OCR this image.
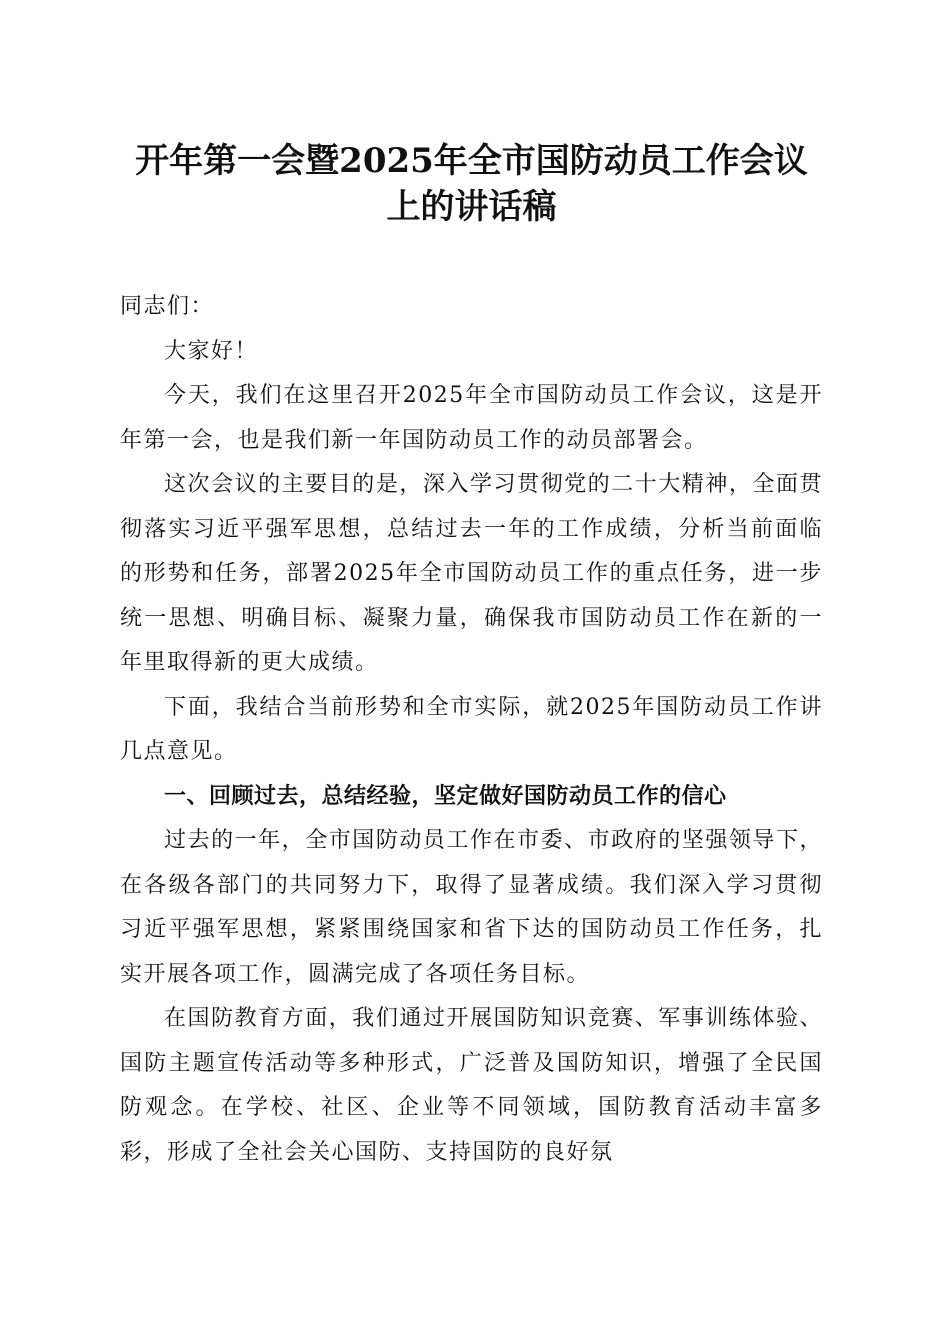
开年第一会暨2025年全市国防动员工作会议上的讲话稿

同志们：

大家好！

今天，我们在这里召开2025年全市国防动员工作会议，这是开年第一会，也是我们新一年国防动员工作的动员部署会。

这次会议的主要目的是，深入学习贯彻党的二十大精神，全面贯彻落实习近平强军思想，总结过去一年的工作成绩，分析当前面临的形势和任务，部署2025年全市国防动员工作的重点任务，进一步统一思想、明确目标、凝聚力量，确保我市国防动员工作在新的一年里取得新的更大成绩。

下面，我结合当前形势和全市实际，就2025年国防动员工作讲几点意见。

一、回顾过去，总结经验，坚定做好国防动员工作的信心

过去的一年，全市国防动员工作在市委、市政府的坚强领导下，在各级各部门的共同努力下，取得了显著成绩。我们深入学习贯彻习近平强军思想，紧紧围绕国家和省下达的国防动员工作任务，扎实开展各项工作，圆满完成了各项任务目标。

在国防教育方面，我们通过开展国防知识竞赛、军事训练体验、国防主题宣传活动等多种形式，广泛普及国防知识，增强了全民国防观念。在学校、社区、企业等不同领域，国防教育活动丰富多彩，形成了全社会关心国防、支持国防的良好氛
